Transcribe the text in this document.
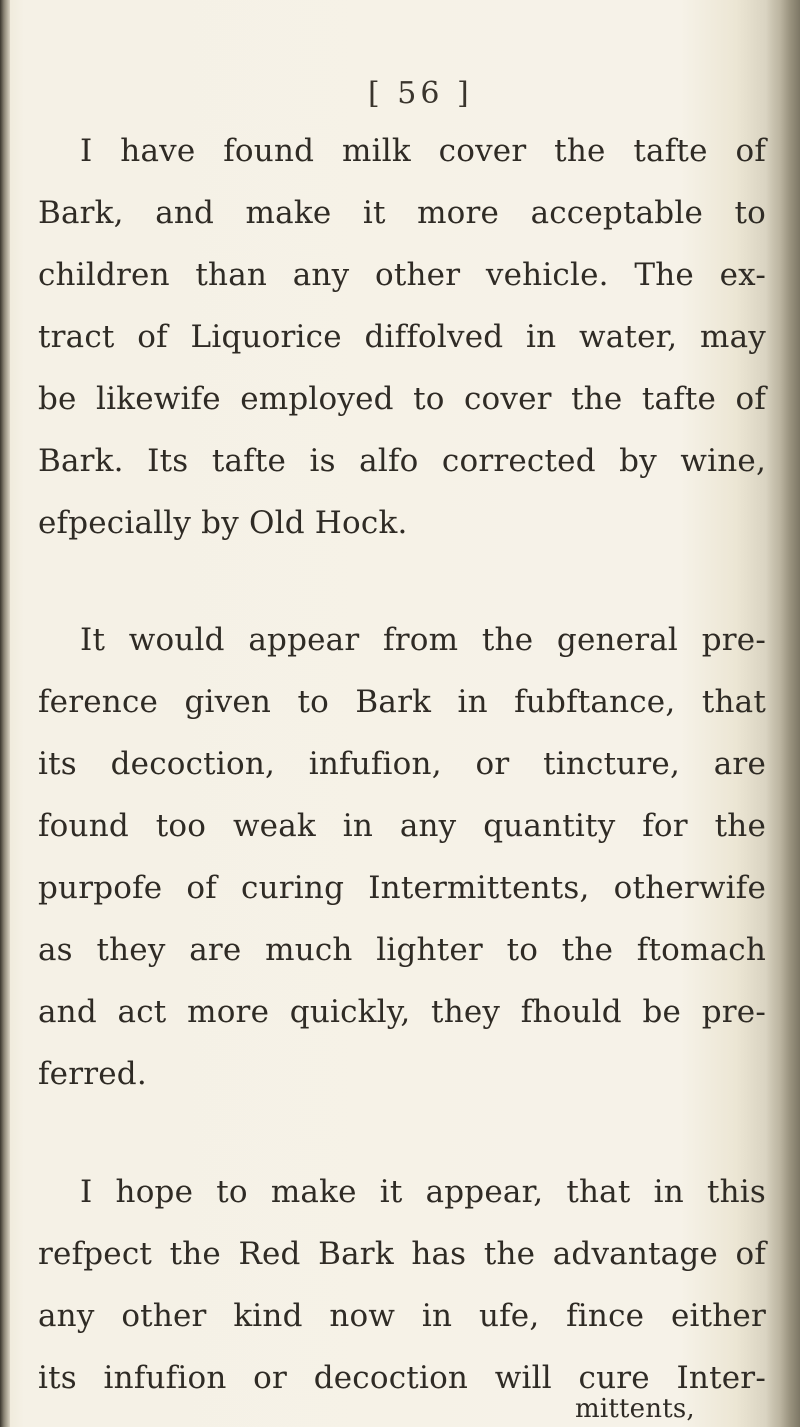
[ 56 ]
I have found milk cover the tafte of
Bark, and make it more acceptable to
children than any other vehicle. The ex-
tract of Liquorice diffolved in water, may
be likewife employed to cover the tafte of
Bark. Its tafte is alfo corrected by wine,
efpecially by Old Hock.
It would appear from the general pre-
ference given to Bark in fubftance, that
its decoction, infufion, or tincture, are
found too weak in any quantity for the
purpofe of curing Intermittents, otherwife
as they are much lighter to the ftomach
and act more quickly, they fhould be pre-
ferred.
I hope to make it appear, that in this
refpect the Red Bark has the advantage of
any other kind now in ufe, fince either
its infufion or decoction will cure Inter-
mittents,
